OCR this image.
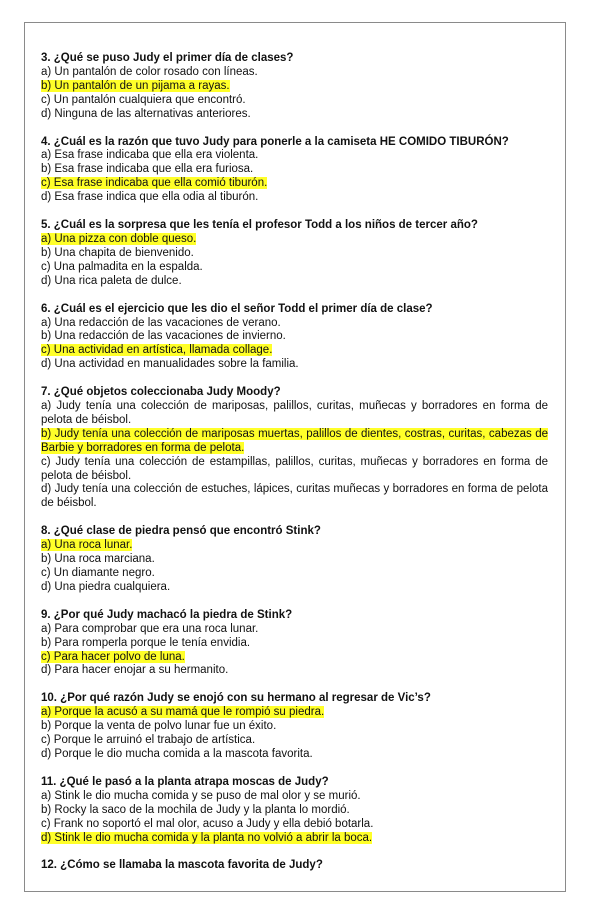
3. ¿Qué se puso Judy el primer día de clases?

a) Un pantalón de color rosado con líneas.

b) Un pantalón de un pijama a rayas.

c) Un pantalón cualquiera que encontró.

d) Ninguna de las alternativas anteriores.

4. ¿Cuál es la razón que tuvo Judy para ponerle a la camiseta HE COMIDO TIBURÓN?

a) Esa frase indicaba que ella era violenta.

b) Esa frase indicaba que ella era furiosa.

c) Esa frase indicaba que ella comió tiburón.

d) Esa frase indica que ella odia al tiburón.

5. ¿Cuál es la sorpresa que les tenía el profesor Todd a los niños de tercer año?

a) Una pizza con doble queso.

b) Una chapita de bienvenido.

c) Una palmadita en la espalda.

d) Una rica paleta de dulce.

6. ¿Cuál es el ejercicio que les dio el señor Todd el primer día de clase?

a) Una redacción de las vacaciones de verano.

b) Una redacción de las vacaciones de invierno.

c) Una actividad en artística, llamada collage.

d) Una actividad en manualidades sobre la familia.

7. ¿Qué objetos coleccionaba Judy Moody?

a) Judy tenía una colección de mariposas, palillos, curitas, muñecas y borradores en forma de pelota de béisbol.

b) Judy tenía una colección de mariposas muertas, palillos de dientes, costras, curitas, cabezas de Barbie y borradores en forma de pelota.

c) Judy tenía una colección de estampillas, palillos, curitas, muñecas y borradores en forma de pelota de béisbol.

d) Judy tenía una colección de estuches, lápices, curitas muñecas y borradores en forma de pelota de béisbol.

8. ¿Qué clase de piedra pensó que encontró Stink?

a) Una roca lunar.

b) Una roca marciana.

c) Un diamante negro.

d) Una piedra cualquiera.

9. ¿Por qué Judy machacó la piedra de Stink?

a) Para comprobar que era una roca lunar.

b) Para romperla porque le tenía envidia.

c) Para hacer polvo de luna.

d) Para hacer enojar a su hermanito.

10. ¿Por qué razón Judy se enojó con su hermano al regresar de Vic’s?

a) Porque la acusó a su mamá que le rompió su piedra.

b) Porque la venta de polvo lunar fue un éxito.

c) Porque le arruinó el trabajo de artística.

d) Porque le dio mucha comida a la mascota favorita.

11. ¿Qué le pasó a la planta atrapa moscas de Judy?

a) Stink le dio mucha comida y se puso de mal olor y se murió.

b) Rocky la saco de la mochila de Judy y la planta lo mordió.

c) Frank no soportó el mal olor, acuso a Judy y ella debió botarla.

d) Stink le dio mucha comida y la planta no volvió a abrir la boca.

12. ¿Cómo se llamaba la mascota favorita de Judy?
